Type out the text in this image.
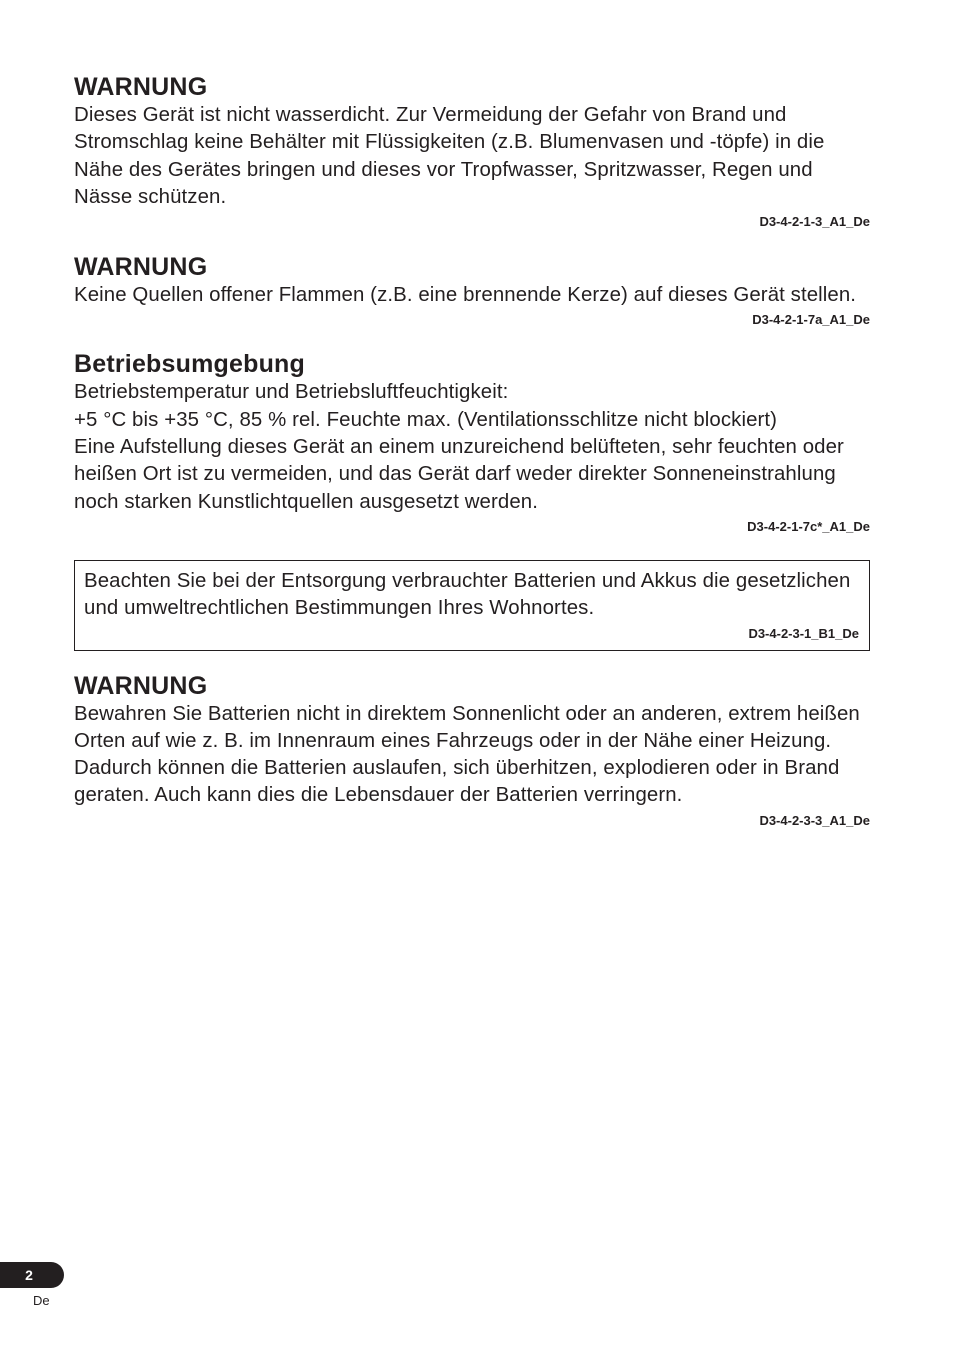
WARNUNG

Dieses Gerät ist nicht wasserdicht. Zur Vermeidung der Gefahr von Brand und Stromschlag keine Behälter mit Flüssigkeiten (z.B. Blumenvasen und -töpfe) in die Nähe des Gerätes bringen und dieses vor Tropfwasser, Spritzwasser, Regen und Nässe schützen.

D3-4-2-1-3_A1_De
WARNUNG

Keine Quellen offener Flammen (z.B. eine brennende Kerze) auf dieses Gerät stellen.

D3-4-2-1-7a_A1_De
Betriebsumgebung

Betriebstemperatur und Betriebsluftfeuchtigkeit:

+5 °C bis +35 °C, 85 % rel. Feuchte max. (Ventilationsschlitze nicht blockiert)

Eine Aufstellung dieses Gerät an einem unzureichend belüfteten, sehr feuchten oder heißen Ort ist zu vermeiden, und das Gerät darf weder direkter Sonneneinstrahlung noch starken Kunstlichtquellen ausgesetzt werden.

D3-4-2-1-7c*_A1_De

Beachten Sie bei der Entsorgung verbrauchter Batterien und Akkus die gesetzlichen und umweltrechtlichen Bestimmungen Ihres Wohnortes.

D3-4-2-3-1_B1_De
WARNUNG

Bewahren Sie Batterien nicht in direktem Sonnenlicht oder an anderen, extrem heißen Orten auf wie z. B. im Innenraum eines Fahrzeugs oder in der Nähe einer Heizung. Dadurch können die Batterien auslaufen, sich überhitzen, explodieren oder in Brand geraten. Auch kann dies die Lebensdauer der Batterien verringern.

D3-4-2-3-3_A1_De
2
De
